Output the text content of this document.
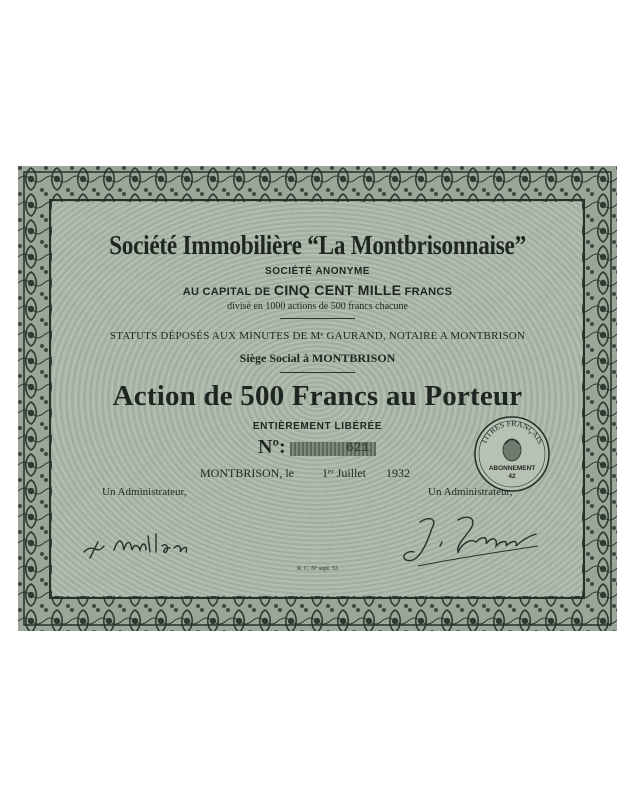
Société Immobilière “La Montbrisonnaise”
SOCIÉTÉ ANONYME
AU CAPITAL DE CINQ CENT MILLE FRANCS
divisé en 1000 actions de 500 francs chacune
STATUTS DÉPOSÉS AUX MINUTES DE Mᵉ GAURAND, NOTAIRE A MONTBRISON
Siège Social à MONTBRISON
Action de 500 Francs au Porteur
ENTIÈREMENT LIBÉRÉE
Nº:	621	TITRES FRANÇAIS
ABONNEMENT
42
MONTBRISON, le 1ᵉʳ Juillet 1932
Un Administrateur,	Un Administrateur,
R. C. Nº supl. 53
